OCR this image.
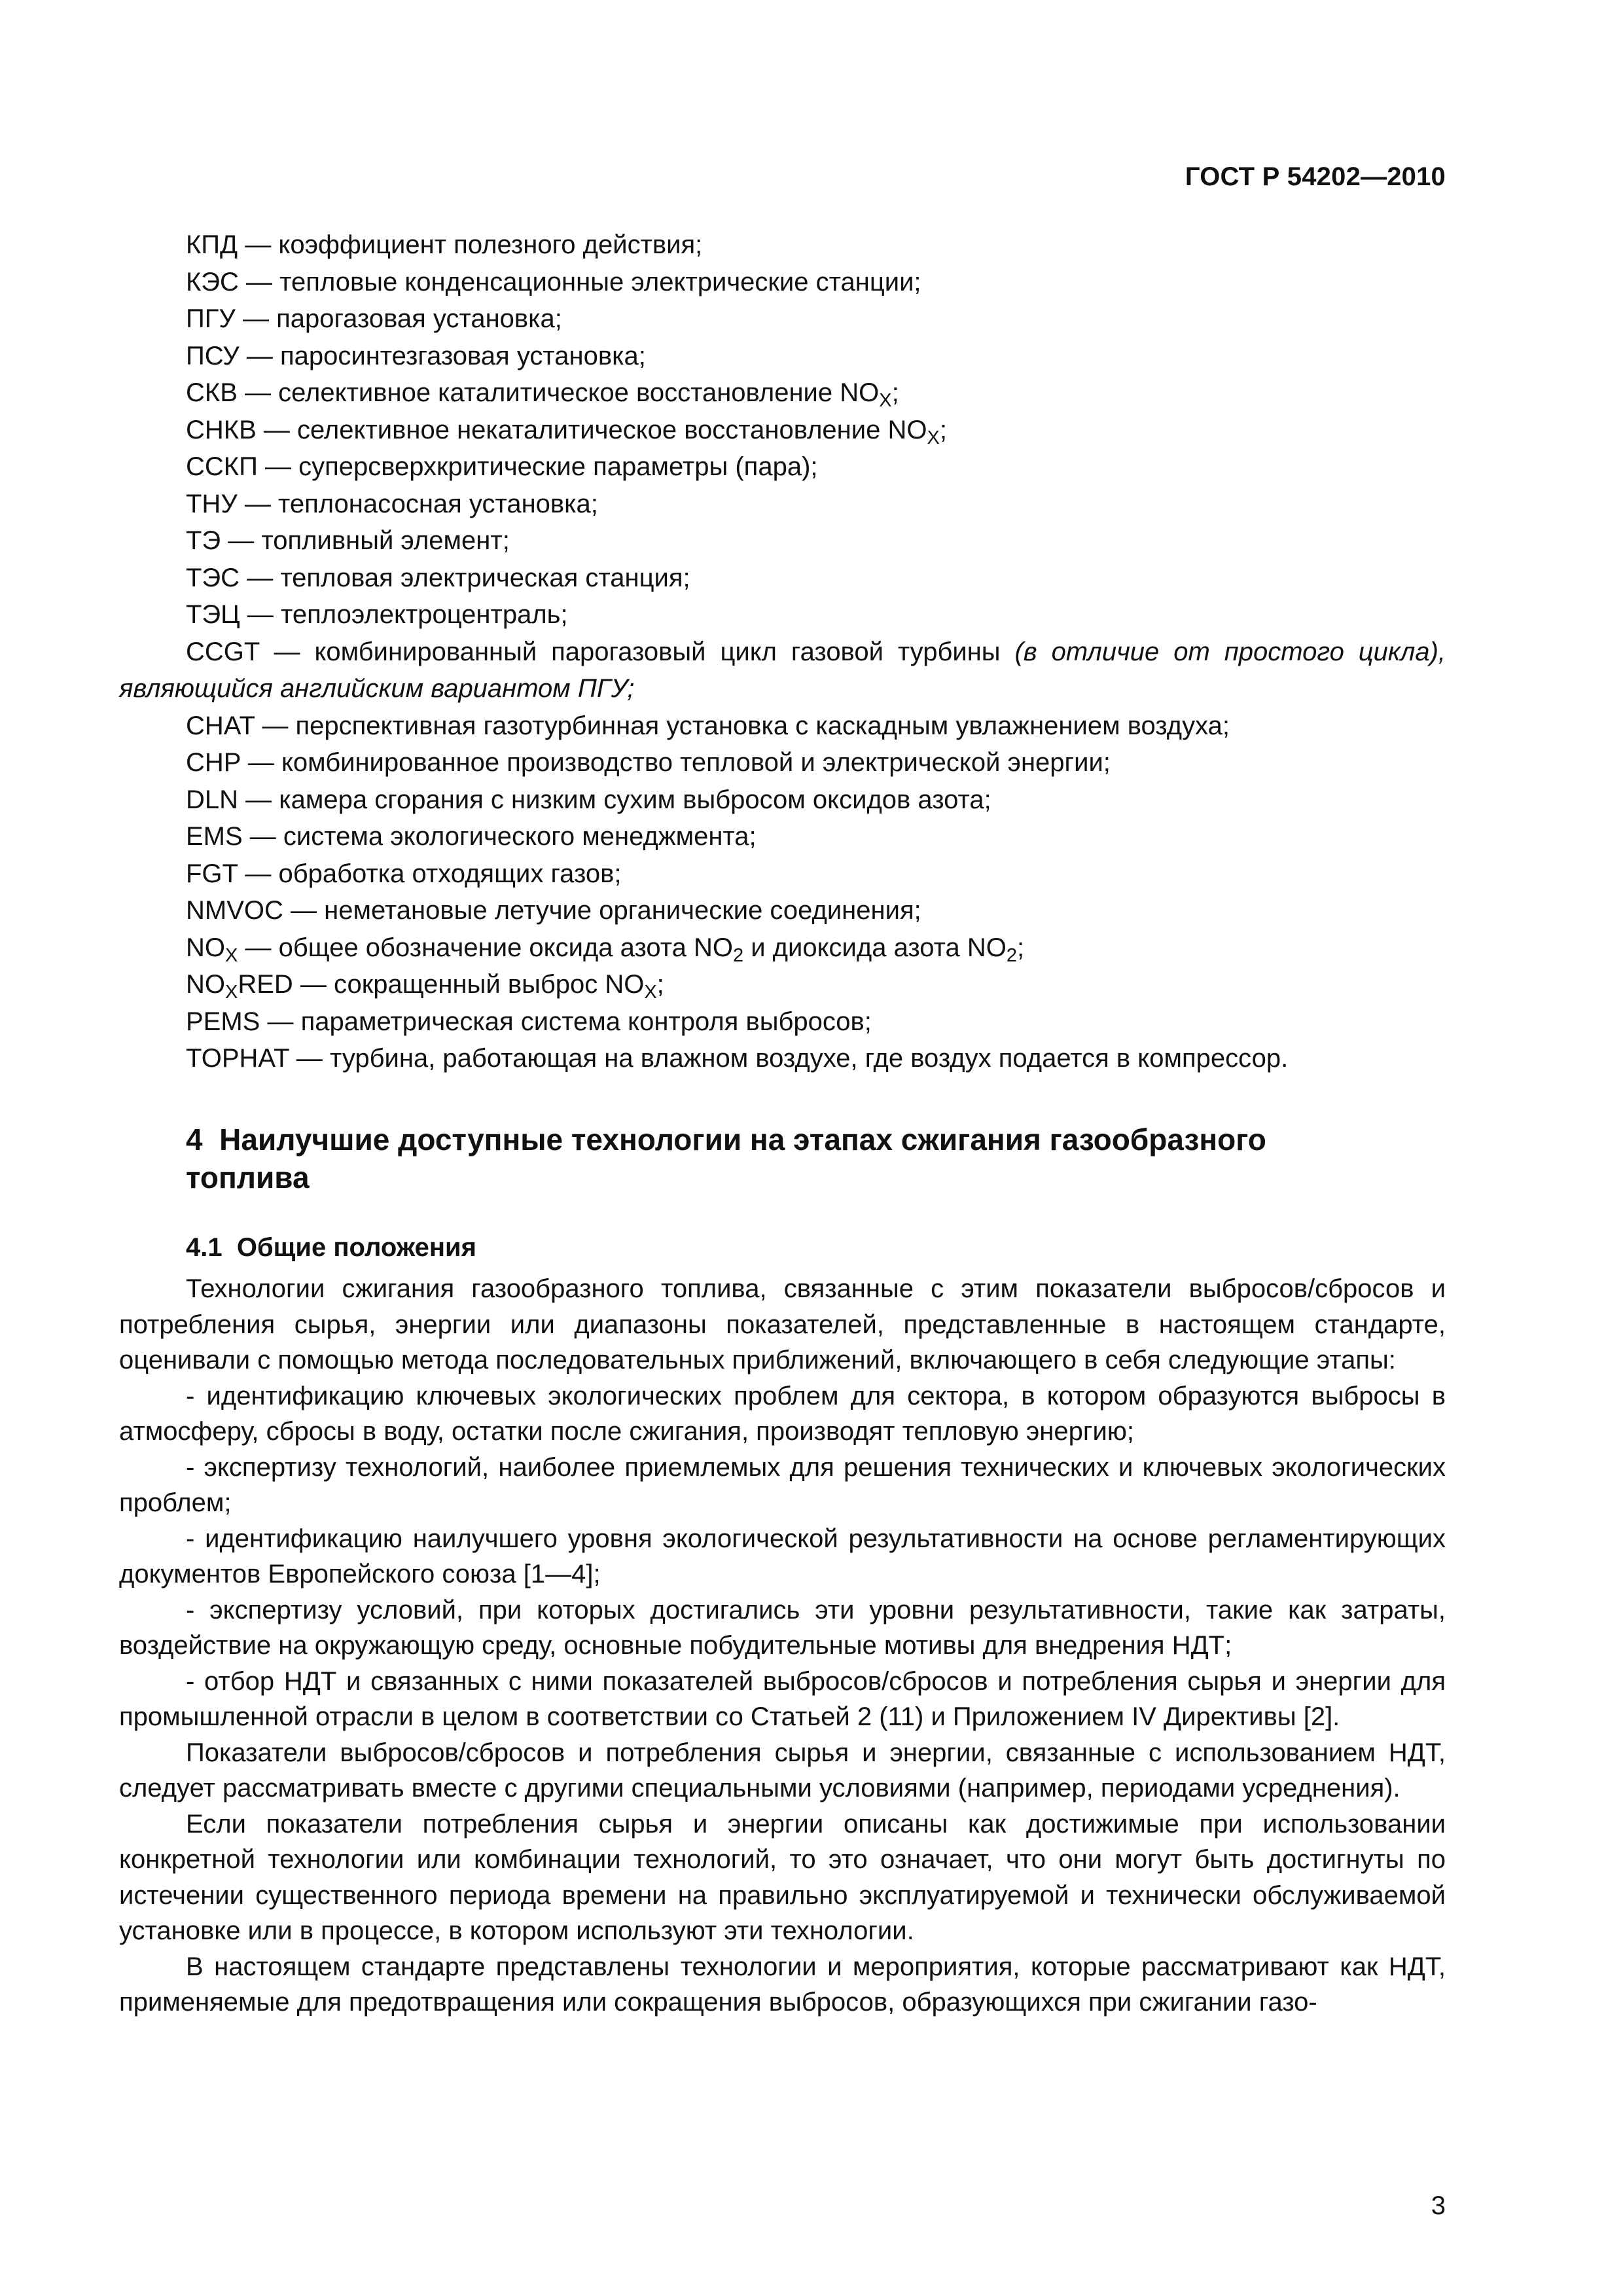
ГОСТ Р 54202—2010
КПД — коэффициент полезного действия;
КЭС — тепловые конденсационные электрические станции;
ПГУ — парогазовая установка;
ПСУ — паросинтезгазовая установка;
СКВ — селективное каталитическое восстановление $NO_X$;
СНКВ — селективное некаталитическое восстановление $NO_X$;
ССКП — суперсверхкритические параметры (пара);
ТНУ — теплонасосная установка;
ТЭ — топливный элемент;
ТЭС — тепловая электрическая станция;
ТЭЦ — теплоэлектроцентраль;
CCGT — комбинированный парогазовый цикл газовой турбины (в отличие от простого цикла), являющийся английским вариантом ПГУ;
CHAT — перспективная газотурбинная установка с каскадным увлажнением воздуха;
CHP — комбинированное производство тепловой и электрической энергии;
DLN — камера сгорания с низким сухим выбросом оксидов азота;
EMS — система экологического менеджмента;
FGT — обработка отходящих газов;
NMVOC — неметановые летучие органические соединения;
$NO_X$ — общее обозначение оксида азота $NO_2$ и диоксида азота $NO_2$;
$NO_XRED$ — сокращенный выброс $NO_X$;
PEMS — параметрическая система контроля выбросов;
TOPHAT — турбина, работающая на влажном воздухе, где воздух подается в компрессор.
4 Наилучшие доступные технологии на этапах сжигания газообразного топлива
4.1 Общие положения

Технологии сжигания газообразного топлива, связанные с этим показатели выбросов/сбросов и потребления сырья, энергии или диапазоны показателей, представленные в настоящем стандарте, оценивали с помощью метода последовательных приближений, включающего в себя следующие этапы:

- идентификацию ключевых экологических проблем для сектора, в котором образуются выбросы в атмосферу, сбросы в воду, остатки после сжигания, производят тепловую энергию;

- экспертизу технологий, наиболее приемлемых для решения технических и ключевых экологических проблем;

- идентификацию наилучшего уровня экологической результативности на основе регламентирующих документов Европейского союза [1—4];

- экспертизу условий, при которых достигались эти уровни результативности, такие как затраты, воздействие на окружающую среду, основные побудительные мотивы для внедрения НДТ;

- отбор НДТ и связанных с ними показателей выбросов/сбросов и потребления сырья и энергии для промышленной отрасли в целом в соответствии со Статьей 2 (11) и Приложением IV Директивы [2].

Показатели выбросов/сбросов и потребления сырья и энергии, связанные с использованием НДТ, следует рассматривать вместе с другими специальными условиями (например, периодами усреднения).

Если показатели потребления сырья и энергии описаны как достижимые при использовании конкретной технологии или комбинации технологий, то это означает, что они могут быть достигнуты по истечении существенного периода времени на правильно эксплуатируемой и технически обслуживаемой установке или в процессе, в котором используют эти технологии.

В настоящем стандарте представлены технологии и мероприятия, которые рассматривают как НДТ, применяемые для предотвращения или сокращения выбросов, образующихся при сжигании газо-

3
